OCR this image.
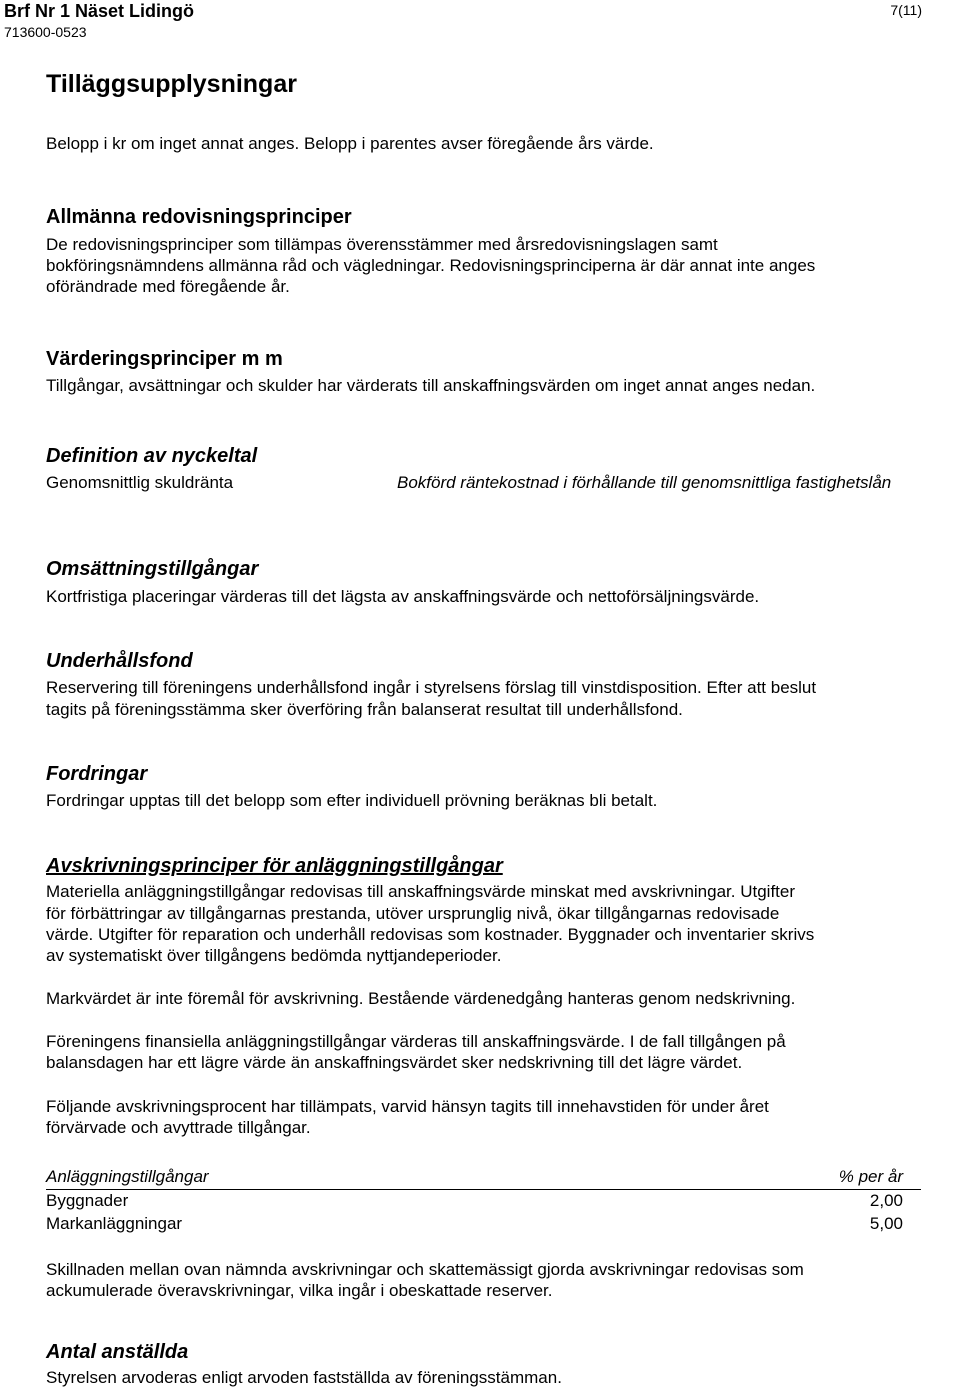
Brf Nr 1 Näset Lidingö
713600-0523
7(11)
Tilläggsupplysningar
Belopp i kr om inget annat anges. Belopp i parentes avser föregående års värde.
Allmänna redovisningsprinciper
De redovisningsprinciper som tillämpas överensstämmer med årsredovisningslagen samt
bokföringsnämndens allmänna råd och vägledningar. Redovisningsprinciperna är där annat inte anges
oförändrade med föregående år.
Värderingsprinciper m m
Tillgångar, avsättningar och skulder har värderats till anskaffningsvärden om inget annat anges nedan.
Definition av nyckeltal
Genomsnittlig skuldränta	Bokförd räntekostnad i förhållande till genomsnittliga fastighetslån
Omsättningstillgångar
Kortfristiga placeringar värderas till det lägsta av anskaffningsvärde och nettoförsäljningsvärde.
Underhållsfond
Reservering till föreningens underhållsfond ingår i styrelsens förslag till vinstdisposition. Efter att beslut
tagits på föreningsstämma sker överföring från balanserat resultat till underhållsfond.
Fordringar
Fordringar upptas till det belopp som efter individuell prövning beräknas bli betalt.
Avskrivningsprinciper för anläggningstillgångar
Materiella anläggningstillgångar redovisas till anskaffningsvärde minskat med avskrivningar. Utgifter
för förbättringar av tillgångarnas prestanda, utöver ursprunglig nivå, ökar tillgångarnas redovisade
värde. Utgifter för reparation och underhåll redovisas som kostnader. Byggnader och inventarier skrivs
av systematiskt över tillgångens bedömda nyttjandeperioder.
Markvärdet är inte föremål för avskrivning. Bestående värdenedgång hanteras genom nedskrivning.
Föreningens finansiella anläggningstillgångar värderas till anskaffningsvärde. I de fall tillgången på
balansdagen har ett lägre värde än anskaffningsvärdet sker nedskrivning till det lägre värdet.
Följande avskrivningsprocent har tillämpats, varvid hänsyn tagits till innehavstiden för under året
förvärvade och avyttrade tillgångar.
Anläggningstillgångar	% per år
Byggnader	2,00
Markanläggningar	5,00
Skillnaden mellan ovan nämnda avskrivningar och skattemässigt gjorda avskrivningar redovisas som
ackumulerade överavskrivningar, vilka ingår i obeskattade reserver.
Antal anställda
Styrelsen arvoderas enligt arvoden fastställda av föreningsstämman.
